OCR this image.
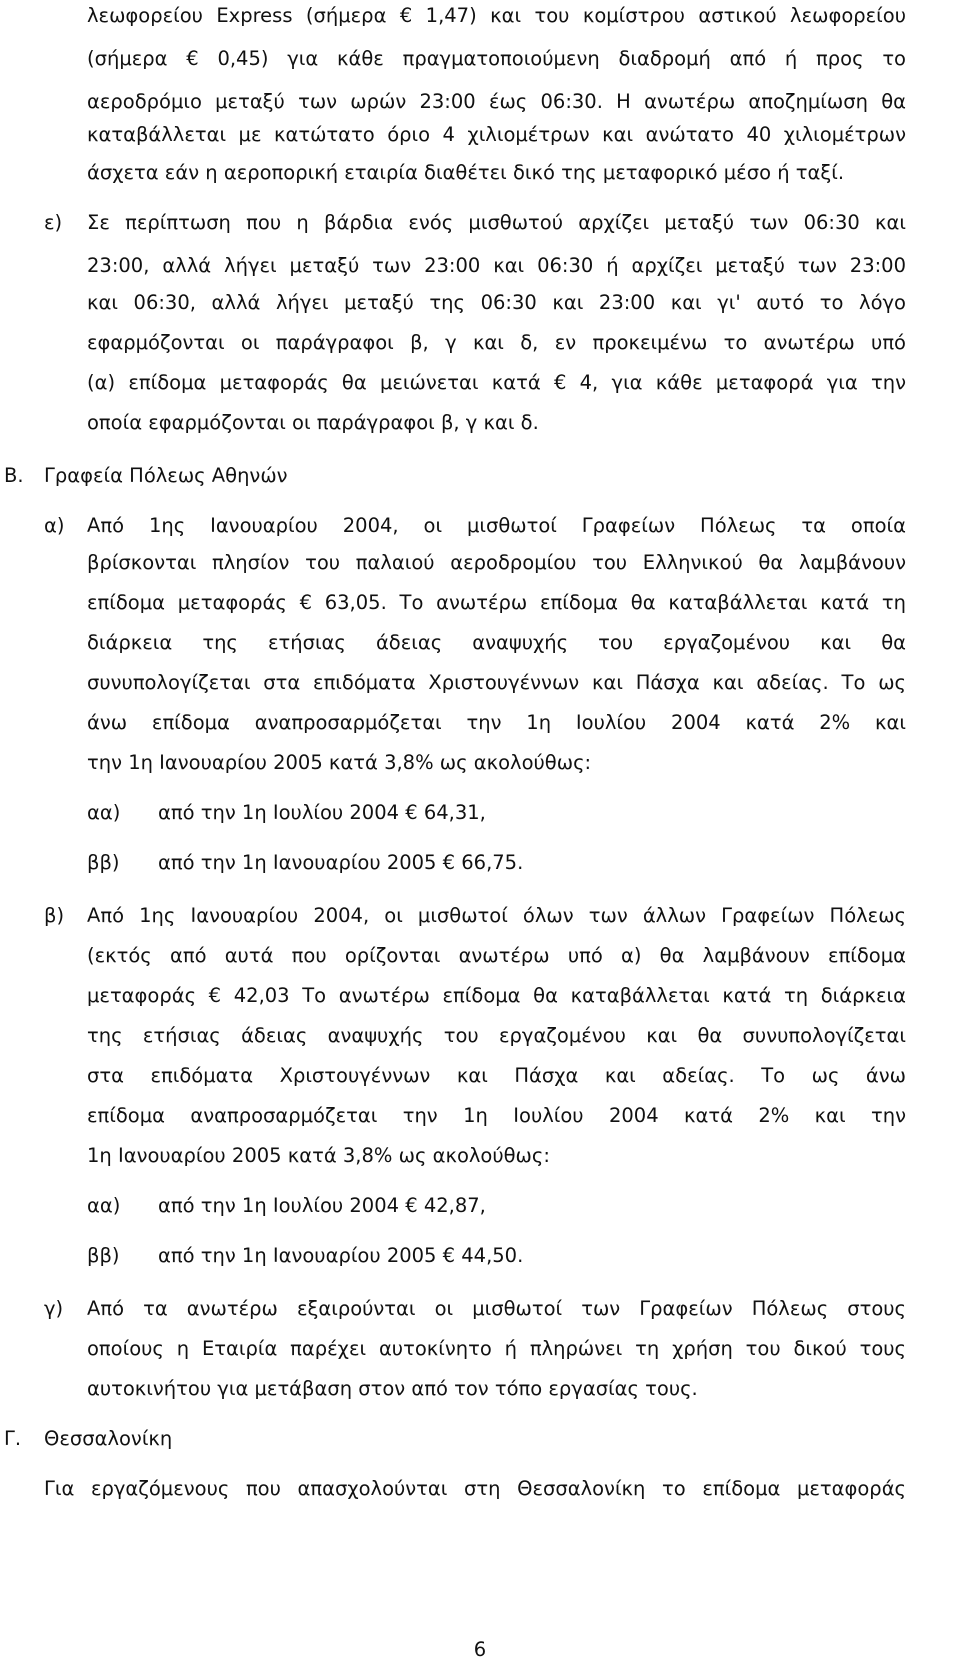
λεωφορείου Express (σήμερα € 1,47) και του κομίστρου αστικού λεωφορείου
(σήμερα € 0,45) για κάθε πραγματοποιούμενη διαδρομή από ή προς το
αεροδρόμιο μεταξύ των ωρών 23:00 έως 06:30. Η ανωτέρω αποζημίωση θα
καταβάλλεται με κατώτατο όριο 4 χιλιομέτρων και ανώτατο 40 χιλιομέτρων
άσχετα εάν η αεροπορική εταιρία διαθέτει δικό της μεταφορικό μέσο ή ταξί.
ε) Σε περίπτωση που η βάρδια ενός μισθωτού αρχίζει μεταξύ των 06:30 και
23:00, αλλά λήγει μεταξύ των 23:00 και 06:30 ή αρχίζει μεταξύ των 23:00
και 06:30, αλλά λήγει μεταξύ της 06:30 και 23:00 και γι' αυτό το λόγο
εφαρμόζονται οι παράγραφοι β, γ και δ, εν προκειμένω το ανωτέρω υπό
(α) επίδομα μεταφοράς θα μειώνεται κατά € 4, για κάθε μεταφορά για την
οποία εφαρμόζονται οι παράγραφοι β, γ και δ.
Β. Γραφεία Πόλεως Αθηνών
α) Από 1ης Ιανουαρίου 2004, οι μισθωτοί Γραφείων Πόλεως τα οποία
βρίσκονται πλησίον του παλαιού αεροδρομίου του Ελληνικού θα λαμβάνουν
επίδομα μεταφοράς € 63,05. Το ανωτέρω επίδομα θα καταβάλλεται κατά τη
διάρκεια της ετήσιας άδειας αναψυχής του εργαζομένου και θα
συνυπολογίζεται στα επιδόματα Χριστουγέννων και Πάσχα και αδείας. Το ως
άνω επίδομα αναπροσαρμόζεται την 1η Ιουλίου 2004 κατά 2% και
την 1η Ιανουαρίου 2005 κατά 3,8% ως ακολούθως:
αα) από την 1η Ιουλίου 2004 € 64,31,
ββ) από την 1η Ιανουαρίου 2005 € 66,75.
β) Από 1ης Ιανουαρίου 2004, οι μισθωτοί όλων των άλλων Γραφείων Πόλεως
(εκτός από αυτά που ορίζονται ανωτέρω υπό α) θα λαμβάνουν επίδομα
μεταφοράς € 42,03 Το ανωτέρω επίδομα θα καταβάλλεται κατά τη διάρκεια
της ετήσιας άδειας αναψυχής του εργαζομένου και θα συνυπολογίζεται
στα επιδόματα Χριστουγέννων και Πάσχα και αδείας. Το ως άνω
επίδομα αναπροσαρμόζεται την 1η Ιουλίου 2004 κατά 2% και την
1η Ιανουαρίου 2005 κατά 3,8% ως ακολούθως:
αα) από την 1η Ιουλίου 2004 € 42,87,
ββ) από την 1η Ιανουαρίου 2005 € 44,50.
γ) Από τα ανωτέρω εξαιρούνται οι μισθωτοί των Γραφείων Πόλεως στους
οποίους η Εταιρία παρέχει αυτοκίνητο ή πληρώνει τη χρήση του δικού τους
αυτοκινήτου για μετάβαση στον από τον τόπο εργασίας τους.
Γ. Θεσσαλονίκη
Για εργαζόμενους που απασχολούνται στη Θεσσαλονίκη το επίδομα μεταφοράς
6
